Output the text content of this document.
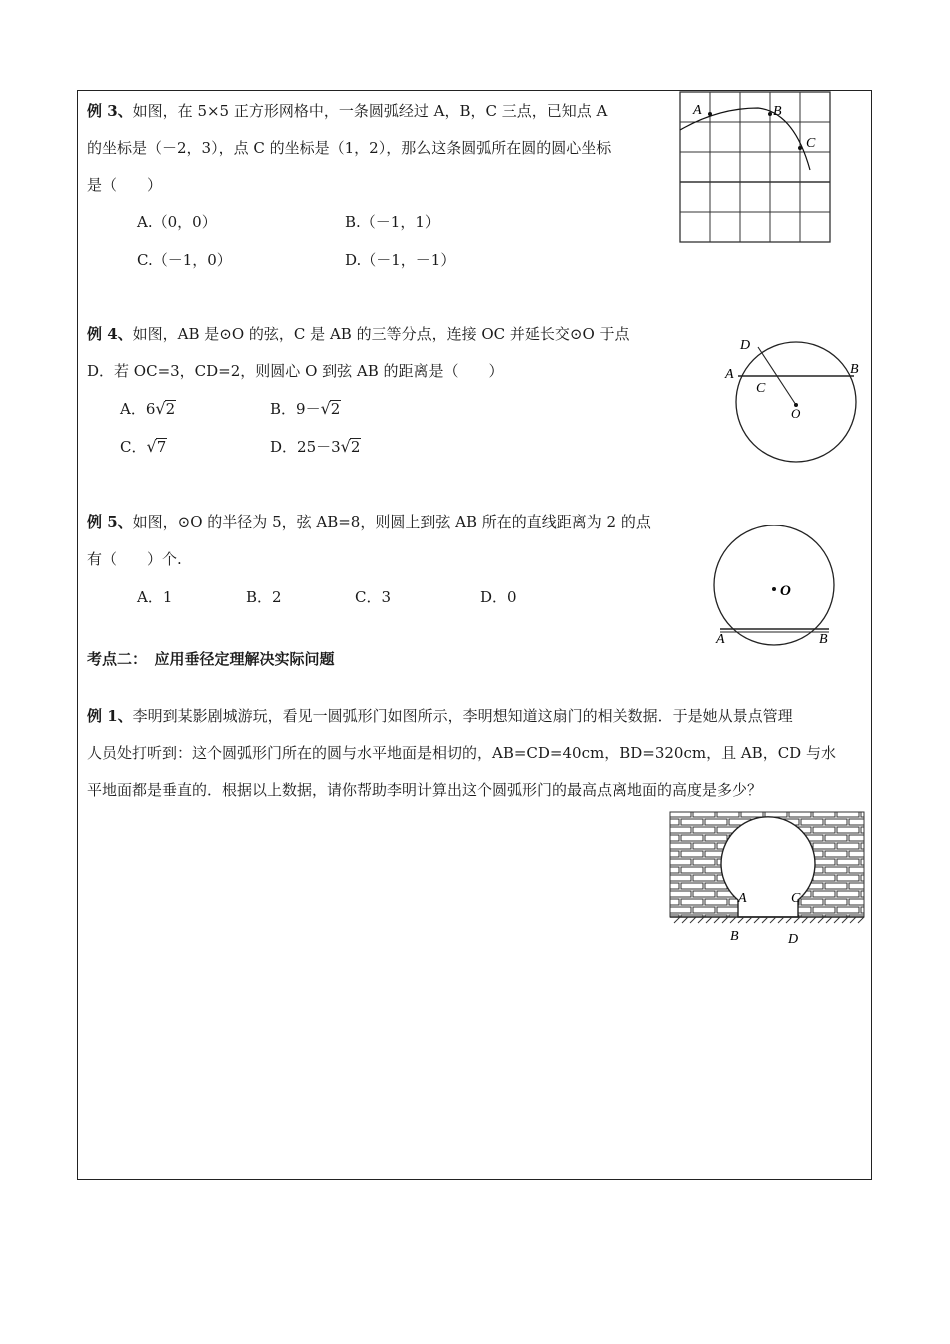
例 3、如图，在 5×5 正方形网格中，一条圆弧经过 A，B，C 三点，已知点 A
的坐标是（－2，3），点 C 的坐标是（1，2），那么这条圆弧所在圆的圆心坐标
是（　　）
A.（0，0）	B.（－1，1）
C.（－1，0）	D.（－1，－1）
A	B
C
例 4、如图，AB 是⊙O 的弦，C 是 AB 的三等分点，连接 OC 并延长交⊙O 于点
D．若 OC=3，CD=2，则圆心 O 到弦 AB 的距离是（　　）
A．6√2	B．9－√2
C．√7	D．25－3√2
D
A	B
C
O
例 5、如图，⊙O 的半径为 5，弦 AB=8，则圆上到弦 AB 所在的直线距离为 2 的点
有（　　）个.
A．1	B．2	C．3	D．0	O
A	B
考点二：　应用垂径定理解决实际问题
例 1、李明到某影剧城游玩，看见一圆弧形门如图所示，李明想知道这扇门的相关数据．于是她从景点管理
人员处打听到：这个圆弧形门所在的圆与水平地面是相切的，AB=CD=40cm，BD=320cm，且 AB，CD 与水
平地面都是垂直的．根据以上数据，请你帮助李明计算出这个圆弧形门的最高点离地面的高度是多少？
A	C
B	D
